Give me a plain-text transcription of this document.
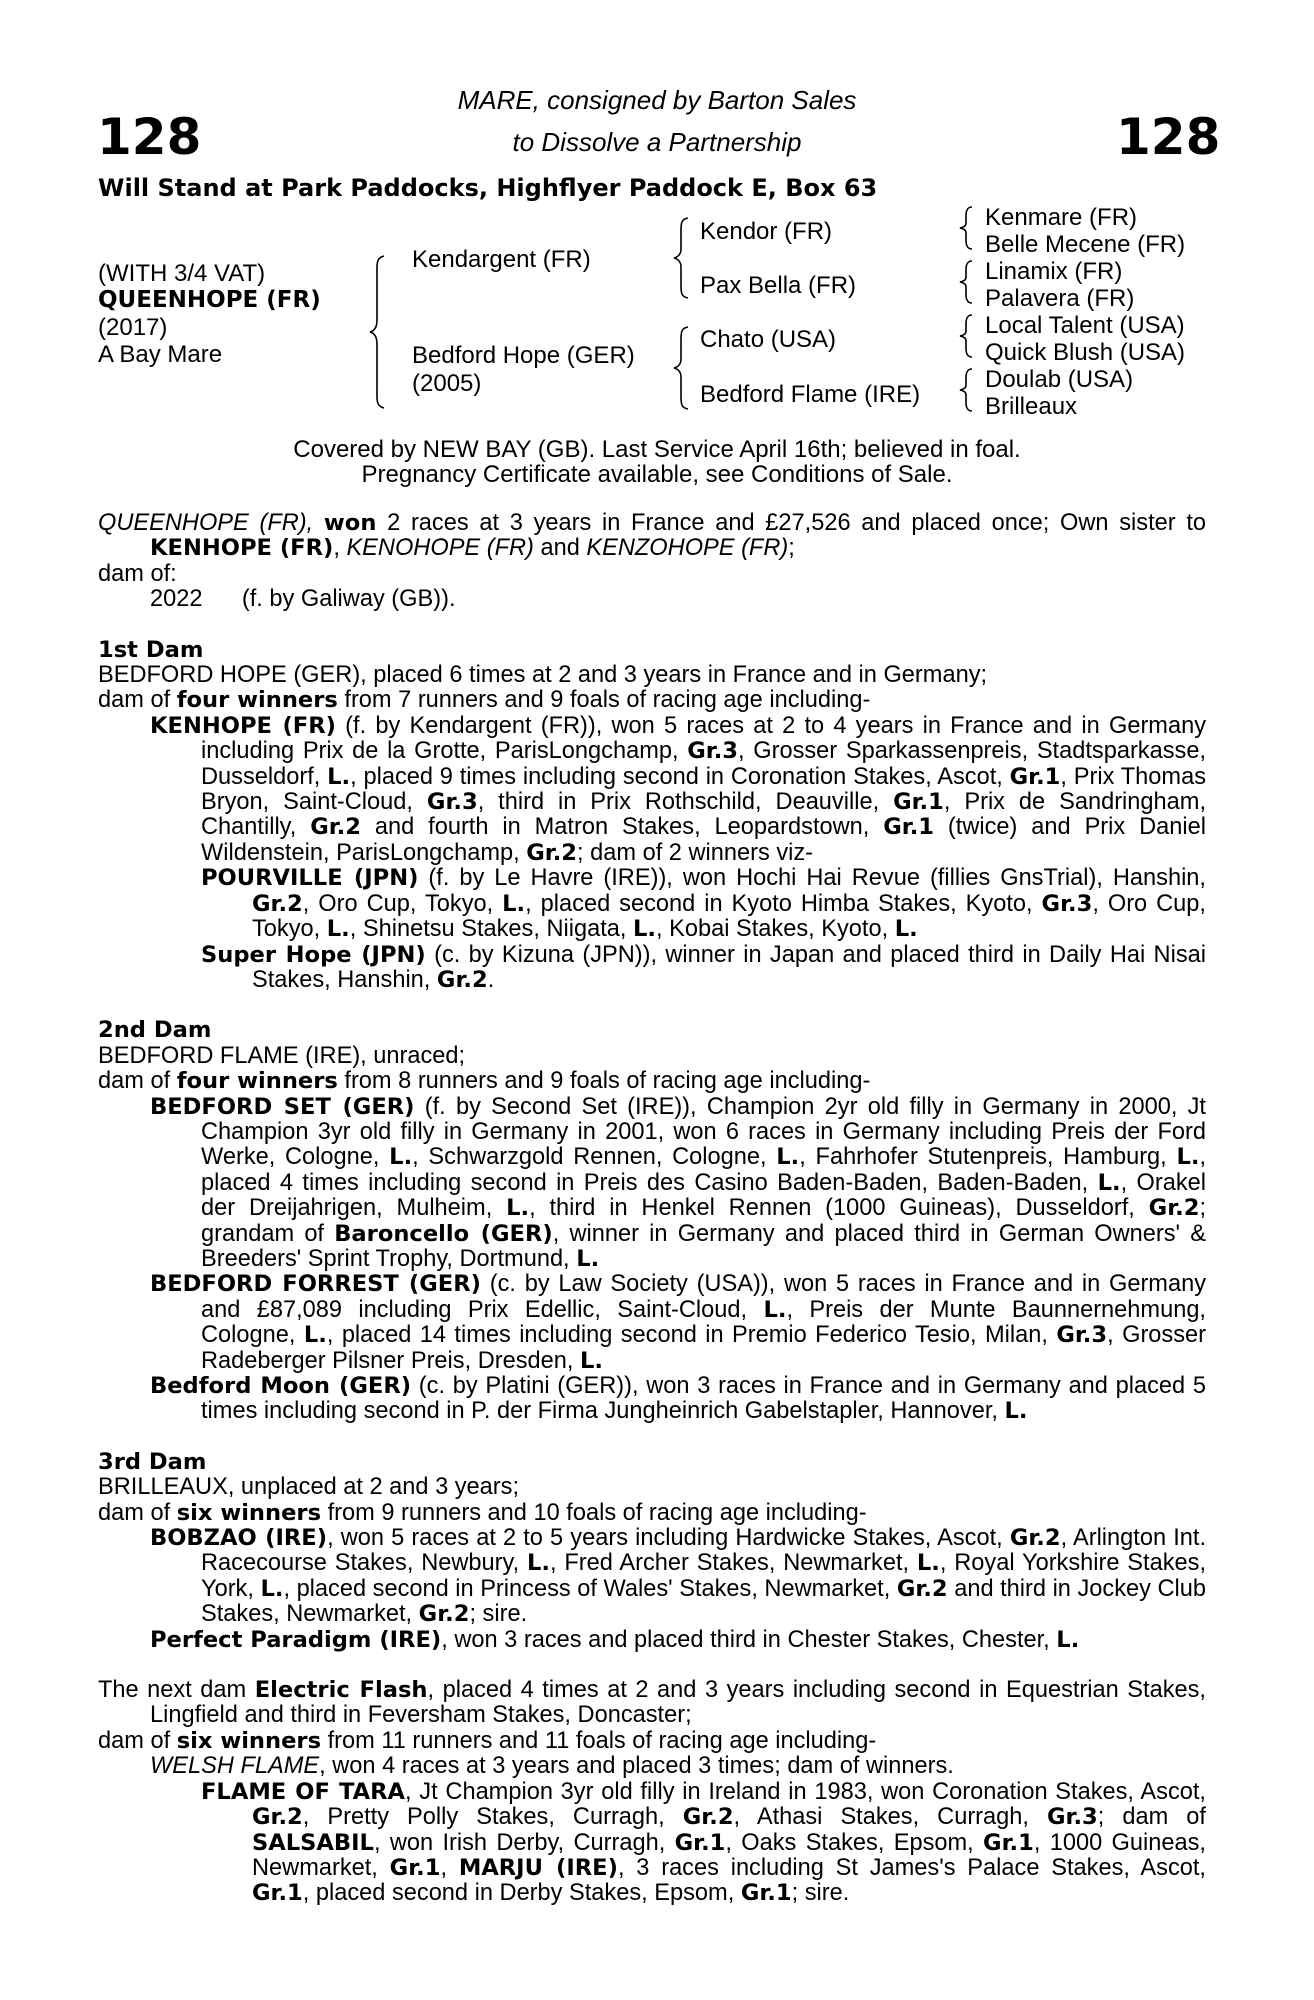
128	128
MARE, consigned by Barton Sales
to Dissolve a Partnership
Will Stand at Park Paddocks, Highflyer Paddock E, Box 63
(WITH 3/4 VAT)
QUEENHOPE (FR)
(2017)
A Bay Mare
Kendargent (FR)
Bedford Hope (GER)
(2005)
Kendor (FR)
Pax Bella (FR)
Chato (USA)
Bedford Flame (IRE)
Kenmare (FR)
Belle Mecene (FR)
Linamix (FR)
Palavera (FR)
Local Talent (USA)
Quick Blush (USA)
Doulab (USA)
Brilleaux
Covered by NEW BAY (GB). Last Service April 16th; believed in foal.
Pregnancy Certificate available, see Conditions of Sale.

QUEENHOPE (FR), won 2 races at 3 years in France and £27,526 and placed once; Own sister to KENHOPE (FR), KENOHOPE (FR) and KENZOHOPE (FR);

dam of:

2022 (f. by Galiway (GB)).

1st Dam

BEDFORD HOPE (GER), placed 6 times at 2 and 3 years in France and in Germany;

dam of four winners from 7 runners and 9 foals of racing age including-

KENHOPE (FR) (f. by Kendargent (FR)), won 5 races at 2 to 4 years in France and in Germany including Prix de la Grotte, ParisLongchamp, Gr.3, Grosser Sparkassenpreis, Stadtsparkasse, Dusseldorf, L., placed 9 times including second in Coronation Stakes, Ascot, Gr.1, Prix Thomas Bryon, Saint-Cloud, Gr.3, third in Prix Rothschild, Deauville, Gr.1, Prix de Sandringham, Chantilly, Gr.2 and fourth in Matron Stakes, Leopardstown, Gr.1 (twice) and Prix Daniel Wildenstein, ParisLongchamp, Gr.2; dam of 2 winners viz-

POURVILLE (JPN) (f. by Le Havre (IRE)), won Hochi Hai Revue (fillies GnsTrial), Hanshin, Gr.2, Oro Cup, Tokyo, L., placed second in Kyoto Himba Stakes, Kyoto, Gr.3, Oro Cup, Tokyo, L., Shinetsu Stakes, Niigata, L., Kobai Stakes, Kyoto, L.

Super Hope (JPN) (c. by Kizuna (JPN)), winner in Japan and placed third in Daily Hai Nisai Stakes, Hanshin, Gr.2.

2nd Dam

BEDFORD FLAME (IRE), unraced;

dam of four winners from 8 runners and 9 foals of racing age including-

BEDFORD SET (GER) (f. by Second Set (IRE)), Champion 2yr old filly in Germany in 2000, Jt Champion 3yr old filly in Germany in 2001, won 6 races in Germany including Preis der Ford Werke, Cologne, L., Schwarzgold Rennen, Cologne, L., Fahrhofer Stutenpreis, Hamburg, L., placed 4 times including second in Preis des Casino Baden-Baden, Baden-Baden, L., Orakel der Dreijahrigen, Mulheim, L., third in Henkel Rennen (1000 Guineas), Dusseldorf, Gr.2; grandam of Baroncello (GER), winner in Germany and placed third in German Owners' & Breeders' Sprint Trophy, Dortmund, L.

BEDFORD FORREST (GER) (c. by Law Society (USA)), won 5 races in France and in Germany and £87,089 including Prix Edellic, Saint-Cloud, L., Preis der Munte Baunnernehmung, Cologne, L., placed 14 times including second in Premio Federico Tesio, Milan, Gr.3, Grosser Radeberger Pilsner Preis, Dresden, L.

Bedford Moon (GER) (c. by Platini (GER)), won 3 races in France and in Germany and placed 5 times including second in P. der Firma Jungheinrich Gabelstapler, Hannover, L.

3rd Dam

BRILLEAUX, unplaced at 2 and 3 years;

dam of six winners from 9 runners and 10 foals of racing age including-

BOBZAO (IRE), won 5 races at 2 to 5 years including Hardwicke Stakes, Ascot, Gr.2, Arlington Int. Racecourse Stakes, Newbury, L., Fred Archer Stakes, Newmarket, L., Royal Yorkshire Stakes, York, L., placed second in Princess of Wales' Stakes, Newmarket, Gr.2 and third in Jockey Club Stakes, Newmarket, Gr.2; sire.

Perfect Paradigm (IRE), won 3 races and placed third in Chester Stakes, Chester, L.

The next dam Electric Flash, placed 4 times at 2 and 3 years including second in Equestrian Stakes, Lingfield and third in Feversham Stakes, Doncaster;

dam of six winners from 11 runners and 11 foals of racing age including-

WELSH FLAME, won 4 races at 3 years and placed 3 times; dam of winners.

FLAME OF TARA, Jt Champion 3yr old filly in Ireland in 1983, won Coronation Stakes, Ascot, Gr.2, Pretty Polly Stakes, Curragh, Gr.2, Athasi Stakes, Curragh, Gr.3; dam of SALSABIL, won Irish Derby, Curragh, Gr.1, Oaks Stakes, Epsom, Gr.1, 1000 Guineas, Newmarket, Gr.1, MARJU (IRE), 3 races including St James's Palace Stakes, Ascot, Gr.1, placed second in Derby Stakes, Epsom, Gr.1; sire.
